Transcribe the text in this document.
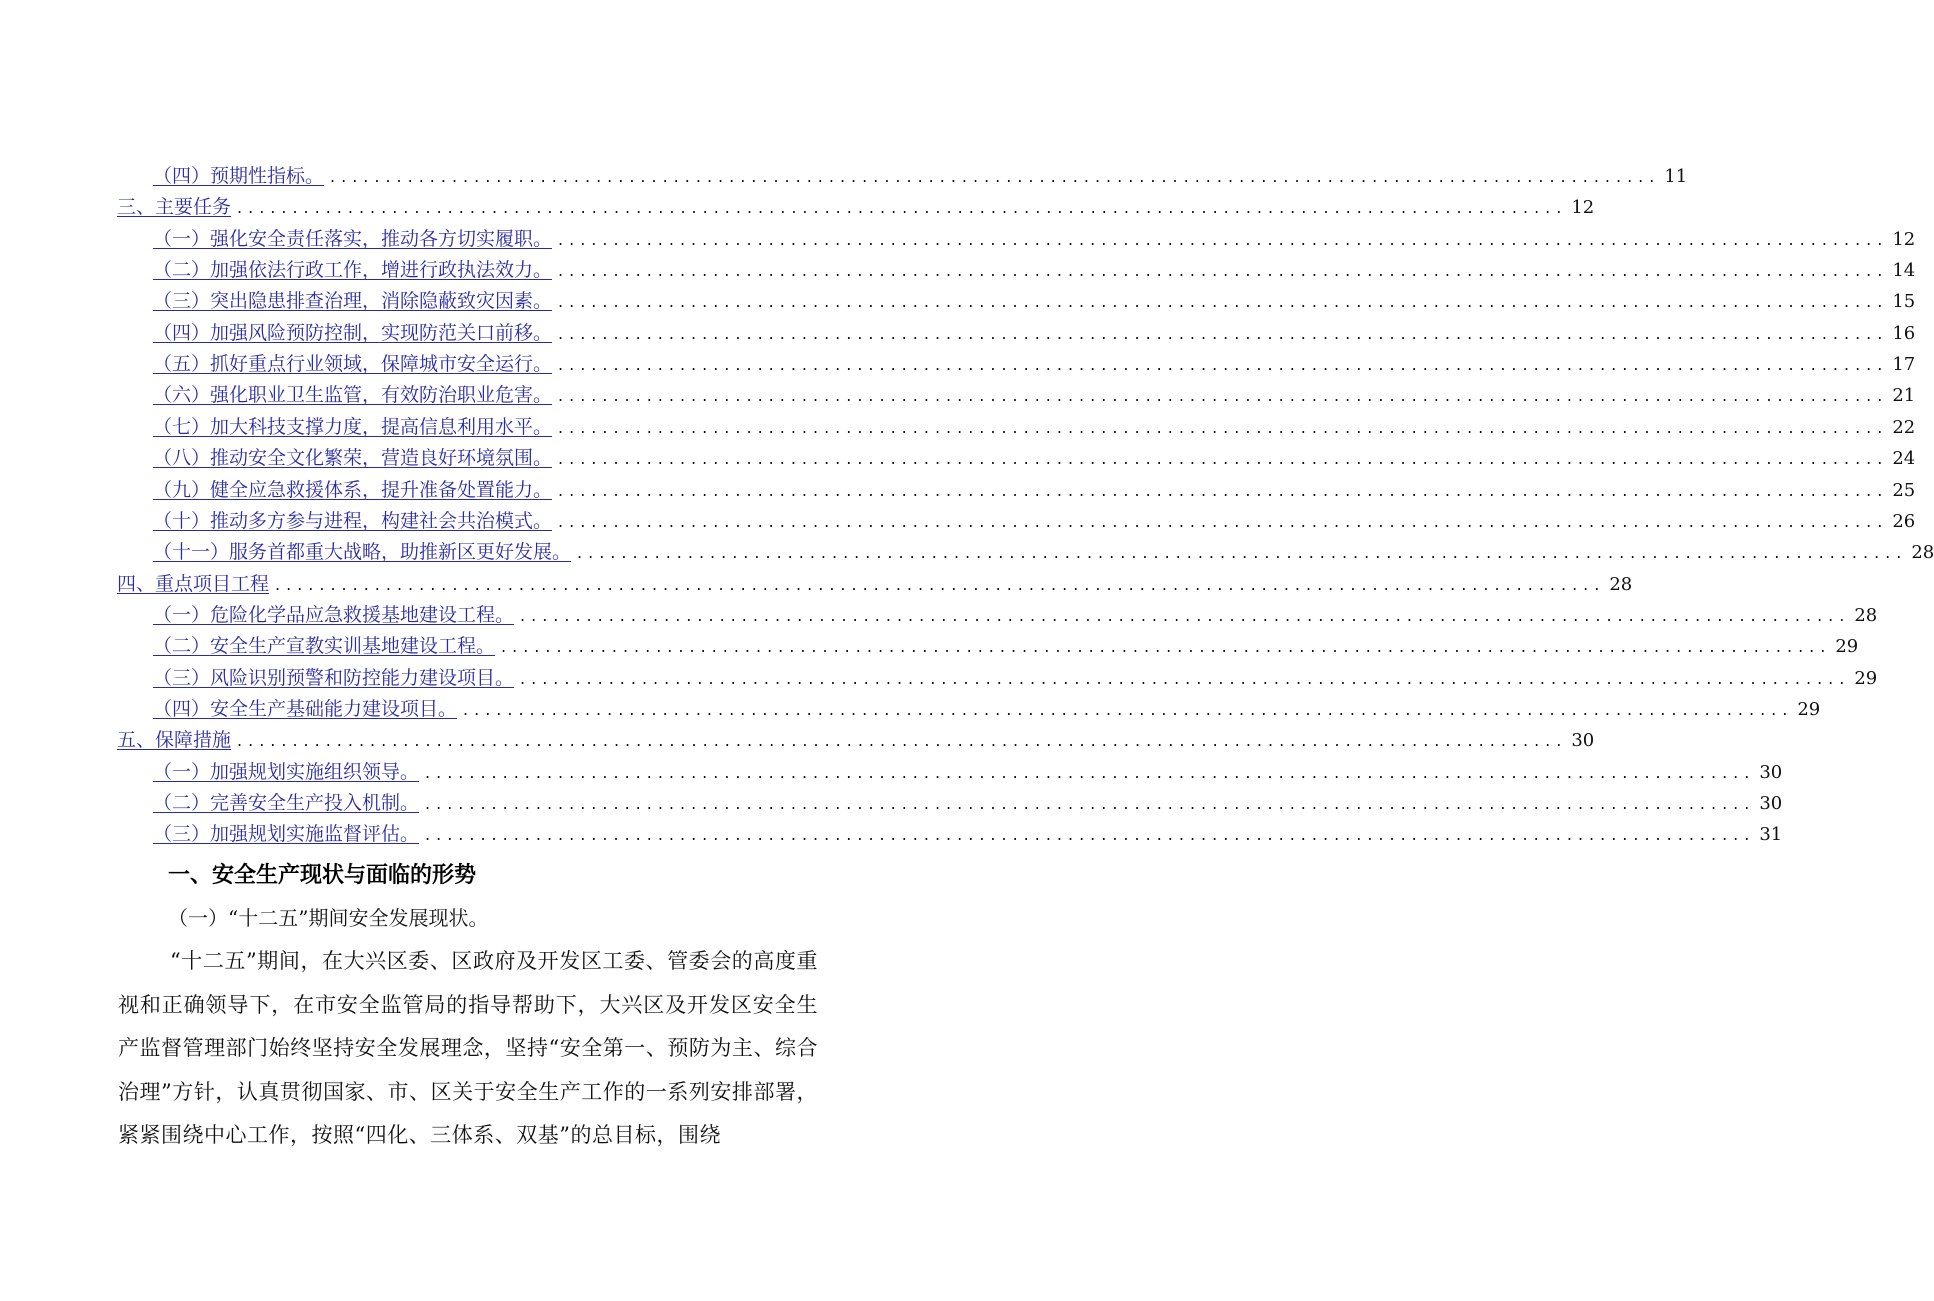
（四）预期性指标。 ........................................................................................................................ 11
三、主要任务 ........................................................................................................................ 12
（一）强化安全责任落实，推动各方切实履职。 ........................................................................................................................ 12
（二）加强依法行政工作，增进行政执法效力。 ........................................................................................................................ 14
（三）突出隐患排查治理，消除隐蔽致灾因素。 ........................................................................................................................ 15
（四）加强风险预防控制，实现防范关口前移。 ........................................................................................................................ 16
（五）抓好重点行业领域，保障城市安全运行。 ........................................................................................................................ 17
（六）强化职业卫生监管，有效防治职业危害。 ........................................................................................................................ 21
（七）加大科技支撑力度，提高信息利用水平。 ........................................................................................................................ 22
（八）推动安全文化繁荣，营造良好环境氛围。 ........................................................................................................................ 24
（九）健全应急救援体系，提升准备处置能力。 ........................................................................................................................ 25
（十）推动多方参与进程，构建社会共治模式。 ........................................................................................................................ 26
（十一）服务首都重大战略，助推新区更好发展。 ........................................................................................................................ 28
四、重点项目工程 ........................................................................................................................ 28
（一）危险化学品应急救援基地建设工程。 ........................................................................................................................ 28
（二）安全生产宣教实训基地建设工程。 ........................................................................................................................ 29
（三）风险识别预警和防控能力建设项目。 ........................................................................................................................ 29
（四）安全生产基础能力建设项目。 ........................................................................................................................ 29
五、保障措施 ........................................................................................................................ 30
（一）加强规划实施组织领导。 ........................................................................................................................ 30
（二）完善安全生产投入机制。 ........................................................................................................................ 30
（三）加强规划实施监督评估。 ........................................................................................................................ 31
一、安全生产现状与面临的形势
（一）“十二五”期间安全发展现状。
“十二五”期间，在大兴区委、区政府及开发区工委、管委会的高度重视和正确领导下，在市安全监管局的指导帮助下，大兴区及开发区安全生产监督管理部门始终坚持安全发展理念，坚持“安全第一、预防为主、综合治理”方针，认真贯彻国家、市、区关于安全生产工作的一系列安排部署，紧紧围绕中心工作，按照“四化、三体系、双基”的总目标，围绕
